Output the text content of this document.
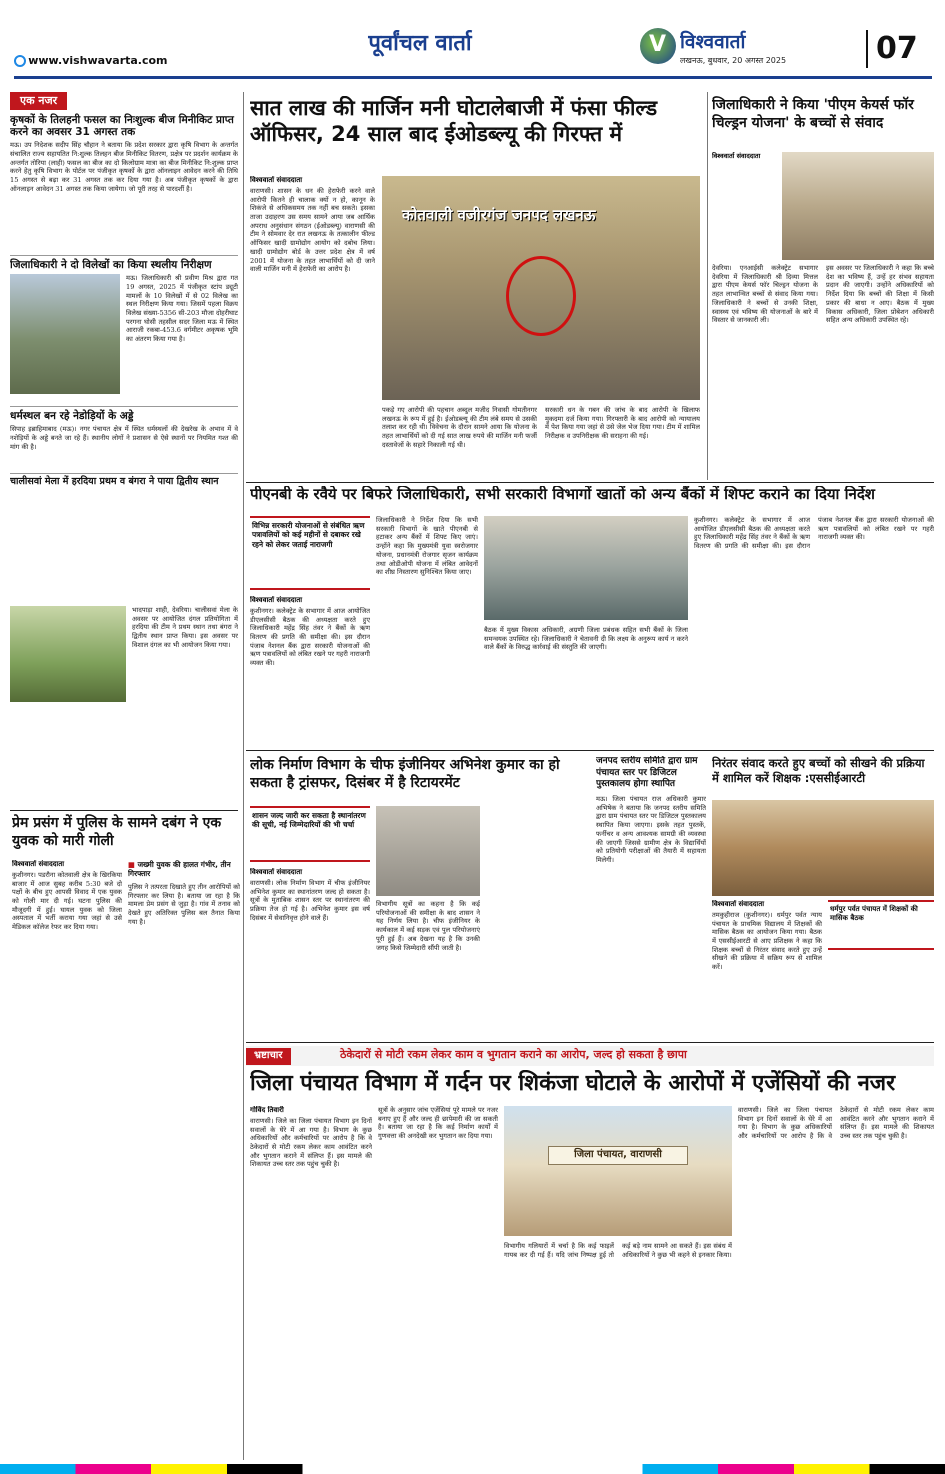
पूर्वांचल वार्ता
www.vishwavarta.com
V विश्ववार्ता
लखनऊ, बुधवार, 20 अगस्त 2025	07
एक नजर
कृषकों के तिलहनी फसल का निःशुल्क बीज मिनीकिट प्राप्त करने का अवसर 31 अगस्त तक
मऊ। उप निदेशक सदीप सिंह चौहान ने बताया कि प्रदेश सरकार द्वारा कृषि विभाग के अन्तर्गत संचालित राज्य सहायतित नि:शुल्क तिलहन बीज मिनीकिट वितरण, प्रक्षेत्र पर प्रदर्शन कार्यक्रम के अन्तर्गत तोरिया (लाही) फसल का बीज का दो किलोग्राम मात्रा का बीज मिनीकिट नि:शुल्क प्राप्त करने हेतु कृषि विभाग के पोर्टल पर पंजीकृत कृषकों के द्वारा ऑनलाइन आवेदन करने की तिथि 15 अगस्त से बढ़ा कर 31 अगस्त तक कर दिया गया है। अब पंजीकृत कृषकों के द्वारा ऑनलाइन आवेदन 31 अगस्त तक किया जायेगा। जो पूरी तरह से पारदर्शी है।
जिलाधिकारी ने दो विलेखों का किया स्थलीय निरीक्षण
मऊ। जिलाधिकारी श्री प्रवीण मिश्र द्वारा गत 19 अगस्त, 2025 में पंजीकृत स्टांप ड्यूटी मामलों के 10 विलेखों में से 02 विलेख का स्थल निरीक्षण किया गया। जिसमें पहला विक्रय विलेख संख्या-5356 सी-203 मौजा दोहरीघाट परगना घोसी तहसील सदर जिला मऊ में स्थित आराजी रकबा-453.6 वर्गमीटर अकृषक भूमि का अंतरण किया गया है।
धर्मस्थल बन रहे नेडोड़ियों के अड्डे
सिपाह इब्राहिमाबाद (मऊ)। नगर पंचायत क्षेत्र में स्थित धर्मस्थलों की देखरेख के अभाव में वे नशेड़ियों के अड्डे बनते जा रहे हैं। स्थानीय लोगों ने प्रशासन से ऐसे स्थानों पर नियमित गश्त की मांग की है।
चालीसवां मेला में हरदिया प्रथम व बंगरा ने पाया द्वितीय स्थान
भादपाड़ा शाही, देवरिया। चालीसवां मेला के अवसर पर आयोजित दंगल प्रतियोगिता में हरदिया की टीम ने प्रथम स्थान तथा बंगरा ने द्वितीय स्थान प्राप्त किया। इस अवसर पर विशाल दंगल का भी आयोजन किया गया।
सात लाख की मार्जिन मनी घोटालेबाजी में फंसा फील्ड ऑफिसर, 24 साल बाद ईओडब्ल्यू की गिरफ्त में
विश्ववार्ता संवाददाता
वाराणसी। शासन के धन की हेराफेरी करने वाले आरोपी कितने ही चालाक क्यों न हो, कानून के शिकंजे से अधिकसमय तक नहीं बच सकते। इसका ताजा उदाहरण उस समय सामने आया जब आर्थिक अपराध अनुसंधान संगठन (ईओडब्ल्यू) वाराणसी की टीम ने सोमवार देर रात लखनऊ के तत्कालीन फील्ड ऑफिसर खादी ग्रामोद्योग आयोग को दबोच लिया। खादी ग्रामोद्योग बोर्ड के उत्तर प्रदेश क्षेत्र में वर्ष 2001 में योजना के तहत लाभार्थियों को दी जाने वाली मार्जिन मनी में हेराफेरी का आरोप है।
कोतवाली वजीरगंज जनपद लखनऊ
पकड़े गए आरोपी की पहचान अब्दुल मजीद निवासी गोमतीनगर लखनऊ के रूप में हुई है। ईओडब्ल्यू की टीम लंबे समय से उसकी तलाश कर रही थी। विवेचना के दौरान सामने आया कि योजना के तहत लाभार्थियों को दी गई सात लाख रुपये की मार्जिन मनी फर्जी दस्तावेजों के सहारे निकाली गई थी।
सरकारी धन के गबन की जांच के बाद आरोपी के खिलाफ मुकदमा दर्ज किया गया। गिरफ्तारी के बाद आरोपी को न्यायालय में पेश किया गया जहां से उसे जेल भेज दिया गया। टीम में शामिल निरीक्षक व उपनिरीक्षक की सराहना की गई।
जिलाधिकारी ने किया 'पीएम केयर्स फॉर चिल्ड्रन योजना' के बच्चों से संवाद
विश्ववार्ता संवाददाता
देवरिया। एनआईसी कलेक्ट्रेट सभागार देवरिया में जिलाधिकारी श्री दिव्या मित्तल द्वारा पीएम केयर्स फॉर चिल्ड्रन योजना के तहत लाभान्वित बच्चों से संवाद किया गया। जिलाधिकारी ने बच्चों से उनकी शिक्षा, स्वास्थ्य एवं भविष्य की योजनाओं के बारे में विस्तार से जानकारी ली।
इस अवसर पर जिलाधिकारी ने कहा कि बच्चे देश का भविष्य हैं, उन्हें हर संभव सहायता प्रदान की जाएगी। उन्होंने अधिकारियों को निर्देश दिया कि बच्चों की शिक्षा में किसी प्रकार की बाधा न आए। बैठक में मुख्य विकास अधिकारी, जिला प्रोबेशन अधिकारी सहित अन्य अधिकारी उपस्थित रहे।
पीएनबी के रवैये पर बिफरे जिलाधिकारी, सभी सरकारी विभागों खातों को अन्य बैंकों में शिफ्ट कराने का दिया निर्देश
विभिन्न सरकारी योजनाओं से संबंधित ऋण पत्रावलियों को कई महीनों से दबाकर रखे रहने को लेकर जताई नाराजगी
विश्ववार्ता संवाददाता
कुशीनगर। कलेक्ट्रेट के सभागार में आज आयोजित डीएलसीसी बैठक की अध्यक्षता करते हुए जिलाधिकारी महेंद्र सिंह तंवर ने बैंकों के ऋण वितरण की प्रगति की समीक्षा की। इस दौरान पंजाब नेशनल बैंक द्वारा सरकारी योजनाओं की ऋण पत्रावलियों को लंबित रखने पर गहरी नाराजगी व्यक्त की।
जिलाधिकारी ने निर्देश दिया कि सभी सरकारी विभागों के खाते पीएनबी से हटाकर अन्य बैंकों में शिफ्ट किए जाएं। उन्होंने कहा कि मुख्यमंत्री युवा स्वरोजगार योजना, प्रधानमंत्री रोजगार सृजन कार्यक्रम तथा ओडीओपी योजना में लंबित आवेदनों का शीघ्र निस्तारण सुनिश्चित किया जाए।
बैठक में मुख्य विकास अधिकारी, अग्रणी जिला प्रबंधक सहित सभी बैंकों के जिला समन्वयक उपस्थित रहे। जिलाधिकारी ने चेतावनी दी कि लक्ष्य के अनुरूप कार्य न करने वाले बैंकों के विरुद्ध कार्रवाई की संस्तुति की जाएगी।
कुशीनगर। कलेक्ट्रेट के सभागार में आज आयोजित डीएलसीसी बैठक की अध्यक्षता करते हुए जिलाधिकारी महेंद्र सिंह तंवर ने बैंकों के ऋण वितरण की प्रगति की समीक्षा की। इस दौरान पंजाब नेशनल बैंक द्वारा सरकारी योजनाओं की ऋण पत्रावलियों को लंबित रखने पर गहरी नाराजगी व्यक्त की।
लोक निर्माण विभाग के चीफ इंजीनियर अभिनेश कुमार का हो सकता है ट्रांसफर, दिसंबर में है रिटायरमेंट
शासन जल्द जारी कर सकता है स्थानांतरण की सूची, नई जिम्मेदारियों की भी चर्चा
विश्ववार्ता संवाददाता
वाराणसी। लोक निर्माण विभाग में चीफ इंजीनियर अभिनेश कुमार का स्थानांतरण जल्द हो सकता है। सूत्रों के मुताबिक शासन स्तर पर स्थानांतरण की प्रक्रिया तेज हो गई है। अभिनेश कुमार इस वर्ष दिसंबर में सेवानिवृत्त होने वाले हैं।
विभागीय सूत्रों का कहना है कि कई परियोजनाओं की समीक्षा के बाद शासन ने यह निर्णय लिया है। चीफ इंजीनियर के कार्यकाल में कई सड़क एवं पुल परियोजनाएं पूरी हुई हैं। अब देखना यह है कि उनकी जगह किसे जिम्मेदारी सौंपी जाती है।
जनपद स्तरीय समिति द्वारा ग्राम पंचायत स्तर पर डिजिटल पुस्तकालय होगा स्थापित
मऊ। जिला पंचायत राज अधिकारी कुमार अभिषेक ने बताया कि जनपद स्तरीय समिति द्वारा ग्राम पंचायत स्तर पर डिजिटल पुस्तकालय स्थापित किया जाएगा। इसके तहत पुस्तकें, फर्नीचर व अन्य आवश्यक सामग्री की व्यवस्था की जाएगी जिससे ग्रामीण क्षेत्र के विद्यार्थियों को प्रतियोगी परीक्षाओं की तैयारी में सहायता मिलेगी।
निरंतर संवाद करते हुए बच्चों को सीखने की प्रक्रिया में शामिल करें शिक्षक :एससीईआरटी
विश्ववार्ता संवाददाता
तमकुहीराज (कुशीनगर)। धर्मपुर पर्वत न्याय पंचायत के प्राथमिक विद्यालय में शिक्षकों की मासिक बैठक का आयोजन किया गया। बैठक में एससीईआरटी से आए प्रशिक्षक ने कहा कि शिक्षक बच्चों से निरंतर संवाद करते हुए उन्हें सीखने की प्रक्रिया में सक्रिय रूप से शामिल करें।
धर्मपुर पर्वत पंचायत में शिक्षकों की मासिक बैठक
प्रेम प्रसंग में पुलिस के सामने दबंग ने एक युवक को मारी गोली
विश्ववार्ता संवाददाता
कुशीनगर। पडरौना कोतवाली क्षेत्र के खिरकिया बाजार में आज सुबह करीब 5:30 बजे दो पक्षों के बीच हुए आपसी विवाद में एक युवक को गोली मार दी गई। घटना पुलिस की मौजूदगी में हुई। घायल युवक को जिला अस्पताल में भर्ती कराया गया जहां से उसे मेडिकल कॉलेज रेफर कर दिया गया।
■ जख्मी युवक की हालत गंभीर, तीन गिरफ्तार
पुलिस ने तत्परता दिखाते हुए तीन आरोपियों को गिरफ्तार कर लिया है। बताया जा रहा है कि मामला प्रेम प्रसंग से जुड़ा है। गांव में तनाव को देखते हुए अतिरिक्त पुलिस बल तैनात किया गया है।
भ्रष्टाचार	ठेकेदारों से मोटी रकम लेकर काम व भुगतान कराने का आरोप, जल्द हो सकता है छापा
जिला पंचायत विभाग में गर्दन पर शिकंजा घोटाले के आरोपों में एजेंसियों की नजर
गोविंद तिवारी
वाराणसी। जिले का जिला पंचायत विभाग इन दिनों सवालों के घेरे में आ गया है। विभाग के कुछ अधिकारियों और कर्मचारियों पर आरोप है कि वे ठेकेदारों से मोटी रकम लेकर काम आवंटित करने और भुगतान कराने में संलिप्त हैं। इस मामले की शिकायत उच्च स्तर तक पहुंच चुकी है।
सूत्रों के अनुसार जांच एजेंसियां पूरे मामले पर नजर बनाए हुए हैं और जल्द ही छापेमारी की जा सकती है। बताया जा रहा है कि कई निर्माण कार्यों में गुणवत्ता की अनदेखी कर भुगतान कर दिया गया।
जिला पंचायत, वाराणसी
विभागीय गलियारों में चर्चा है कि कई फाइलें गायब कर दी गई हैं। यदि जांच निष्पक्ष हुई तो कई बड़े नाम सामने आ सकते हैं। इस संबंध में अधिकारियों ने कुछ भी कहने से इनकार किया।
वाराणसी। जिले का जिला पंचायत विभाग इन दिनों सवालों के घेरे में आ गया है। विभाग के कुछ अधिकारियों और कर्मचारियों पर आरोप है कि वे ठेकेदारों से मोटी रकम लेकर काम आवंटित करने और भुगतान कराने में संलिप्त हैं। इस मामले की शिकायत उच्च स्तर तक पहुंच चुकी है।
